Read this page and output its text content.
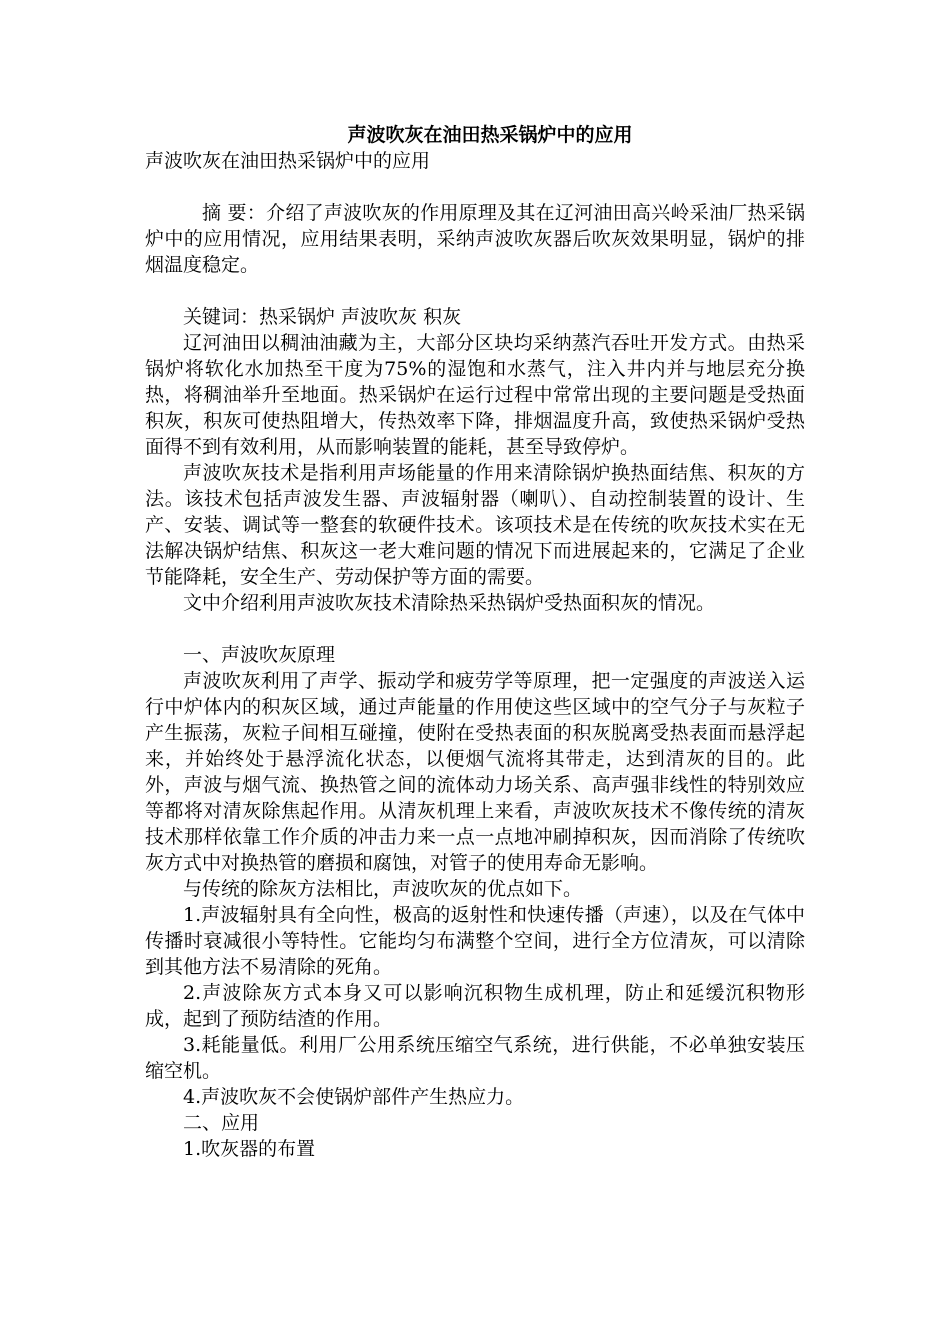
声波吹灰在油田热采锅炉中的应用

声波吹灰在油田热采锅炉中的应用

摘 要：介绍了声波吹灰的作用原理及其在辽河油田高兴岭采油厂热采锅炉中的应用情况，应用结果表明，采纳声波吹灰器后吹灰效果明显，锅炉的排烟温度稳定。

关键词：热采锅炉 声波吹灰 积灰

辽河油田以稠油油藏为主，大部分区块均采纳蒸汽吞吐开发方式。由热采锅炉将软化水加热至干度为75%的湿饱和水蒸气，注入井内并与地层充分换热，将稠油举升至地面。热采锅炉在运行过程中常常出现的主要问题是受热面积灰，积灰可使热阻增大，传热效率下降，排烟温度升高，致使热采锅炉受热面得不到有效利用，从而影响装置的能耗，甚至导致停炉。

声波吹灰技术是指利用声场能量的作用来清除锅炉换热面结焦、积灰的方法。该技术包括声波发生器、声波辐射器（喇叭）、自动控制装置的设计、生产、安装、调试等一整套的软硬件技术。该项技术是在传统的吹灰技术实在无法解决锅炉结焦、积灰这一老大难问题的情况下而进展起来的，它满足了企业节能降耗，安全生产、劳动保护等方面的需要。

文中介绍利用声波吹灰技术清除热采热锅炉受热面积灰的情况。

一、声波吹灰原理

声波吹灰利用了声学、振动学和疲劳学等原理，把一定强度的声波送入运行中炉体内的积灰区域，通过声能量的作用使这些区域中的空气分子与灰粒子产生振荡，灰粒子间相互碰撞，使附在受热表面的积灰脱离受热表面而悬浮起来，并始终处于悬浮流化状态，以便烟气流将其带走，达到清灰的目的。此外，声波与烟气流、换热管之间的流体动力场关系、高声强非线性的特别效应等都将对清灰除焦起作用。从清灰机理上来看，声波吹灰技术不像传统的清灰技术那样依靠工作介质的冲击力来一点一点地冲刷掉积灰，因而消除了传统吹灰方式中对换热管的磨损和腐蚀，对管子的使用寿命无影响。

与传统的除灰方法相比，声波吹灰的优点如下。

1.声波辐射具有全向性，极高的返射性和快速传播（声速），以及在气体中传播时衰减很小等特性。它能均匀布满整个空间，进行全方位清灰，可以清除到其他方法不易清除的死角。

2.声波除灰方式本身又可以影响沉积物生成机理，防止和延缓沉积物形成，起到了预防结渣的作用。

3.耗能量低。利用厂公用系统压缩空气系统，进行供能，不必单独安装压缩空机。

4.声波吹灰不会使锅炉部件产生热应力。

二、应用

1.吹灰器的布置
